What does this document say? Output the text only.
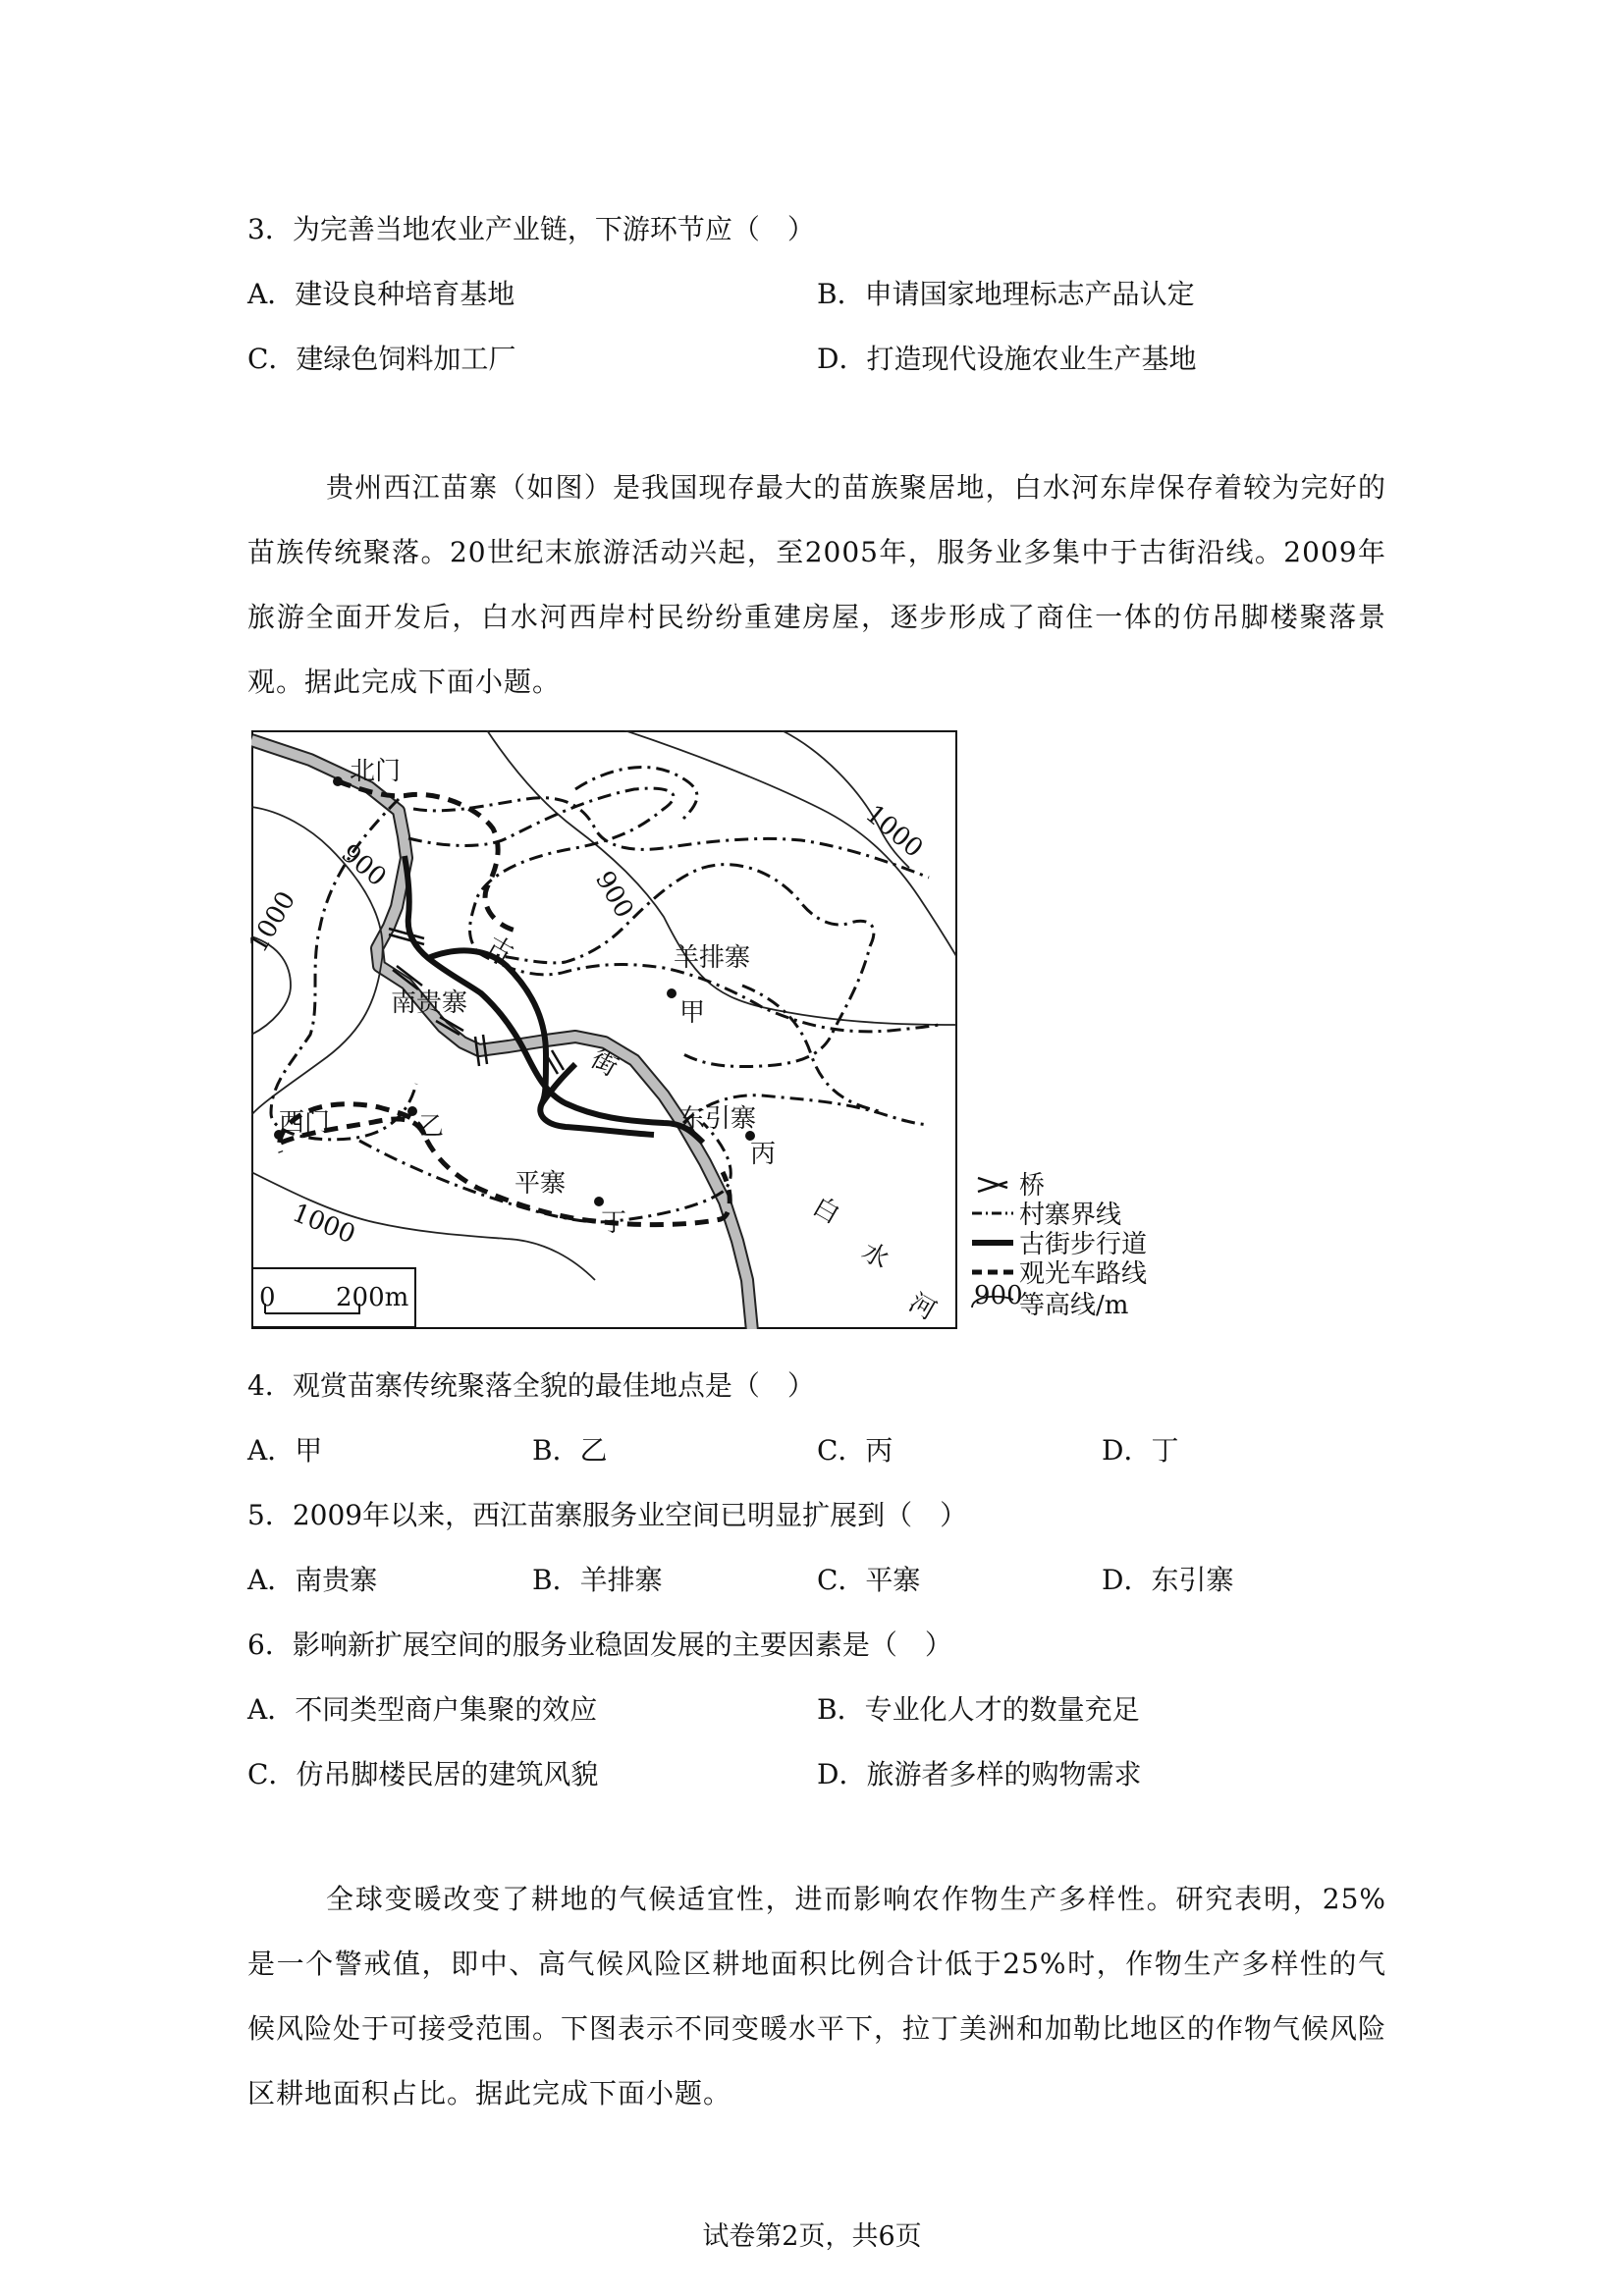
3．为完善当地农业产业链，下游环节应（　）
A．建设良种培育基地	B．申请国家地理标志产品认定
C．建绿色饲料加工厂	D．打造现代设施农业生产基地
贵州西江苗寨（如图）是我国现存最大的苗族聚居地，白水河东岸保存着较为完好的苗族传统聚落。20世纪末旅游活动兴起，至2005年，服务业多集中于古街沿线。2009年旅游全面开发后，白水河西岸村民纷纷重建房屋，逐步形成了商住一体的仿吊脚楼聚落景观。据此完成下面小题。
北门
西门
南贵寨
羊排寨
东引寨
平寨
甲
乙
丙
丁
古
街
白
水
河
900
900
1000
1000
1000
0 200m
桥
村寨界线
古街步行道
观光车路线
900
等高线/m
4．观赏苗寨传统聚落全貌的最佳地点是（　）
A．甲	B．乙	C．丙	D．丁
5．2009年以来，西江苗寨服务业空间已明显扩展到（　）
A．南贵寨	B．羊排寨	C．平寨	D．东引寨
6．影响新扩展空间的服务业稳固发展的主要因素是（　）
A．不同类型商户集聚的效应	B．专业化人才的数量充足
C．仿吊脚楼民居的建筑风貌	D．旅游者多样的购物需求
全球变暖改变了耕地的气候适宜性，进而影响农作物生产多样性。研究表明，25%是一个警戒值，即中、高气候风险区耕地面积比例合计低于25%时，作物生产多样性的气候风险处于可接受范围。下图表示不同变暖水平下，拉丁美洲和加勒比地区的作物气候风险区耕地面积占比。据此完成下面小题。
试卷第2页，共6页
